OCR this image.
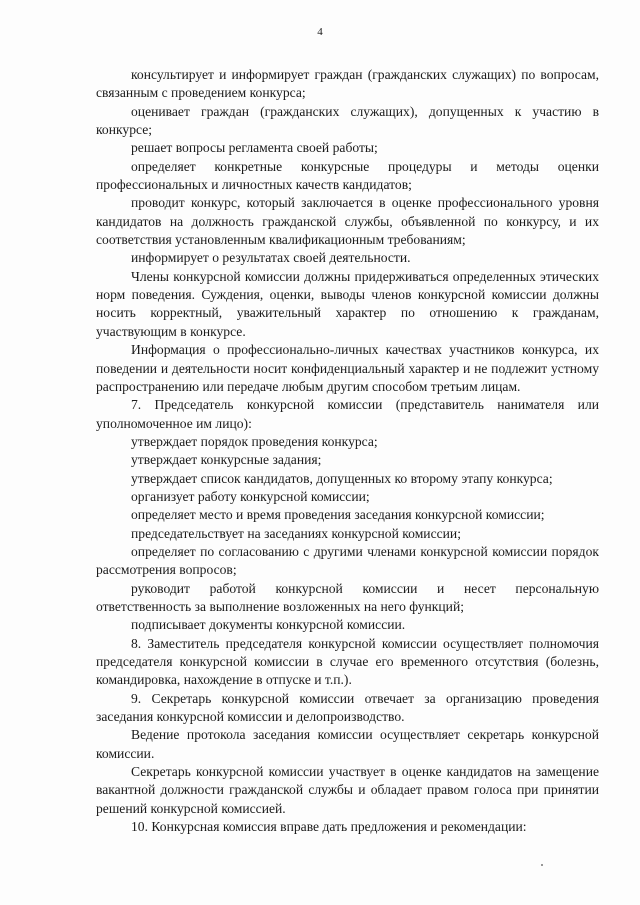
4

консультирует и информирует граждан (гражданских служащих) по вопросам, связанным с проведением конкурса;

оценивает граждан (гражданских служащих), допущенных к участию в конкурсе;

решает вопросы регламента своей работы;

определяет конкретные конкурсные процедуры и методы оценки профессиональных и личностных качеств кандидатов;

проводит конкурс, который заключается в оценке профессионального уровня кандидатов на должность гражданской службы, объявленной по конкурсу, и их соответствия установленным квалификационным требованиям;

информирует о результатах своей деятельности.

Члены конкурсной комиссии должны придерживаться определенных этических норм поведения. Суждения, оценки, выводы членов конкурсной комиссии должны носить корректный, уважительный характер по отношению к гражданам, участвующим в конкурсе.

Информация о профессионально-личных качествах участников конкурса, их поведении и деятельности носит конфиденциальный характер и не подлежит устному распространению или передаче любым другим способом третьим лицам.

7. Председатель конкурсной комиссии (представитель нанимателя или уполномоченное им лицо):

утверждает порядок проведения конкурса;

утверждает конкурсные задания;

утверждает список кандидатов, допущенных ко второму этапу конкурса;

организует работу конкурсной комиссии;

определяет место и время проведения заседания конкурсной комиссии;

председательствует на заседаниях конкурсной комиссии;

определяет по согласованию с другими членами конкурсной комиссии порядок рассмотрения вопросов;

руководит работой конкурсной комиссии и несет персональную ответственность за выполнение возложенных на него функций;

подписывает документы конкурсной комиссии.

8. Заместитель председателя конкурсной комиссии осуществляет полномочия председателя конкурсной комиссии в случае его временного отсутствия (болезнь, командировка, нахождение в отпуске и т.п.).

9. Секретарь конкурсной комиссии отвечает за организацию проведения заседания конкурсной комиссии и делопроизводство.

Ведение протокола заседания комиссии осуществляет секретарь конкурсной комиссии.

Секретарь конкурсной комиссии участвует в оценке кандидатов на замещение вакантной должности гражданской службы и обладает правом голоса при принятии решений конкурсной комиссией.

10. Конкурсная комиссия вправе дать предложения и рекомендации:
